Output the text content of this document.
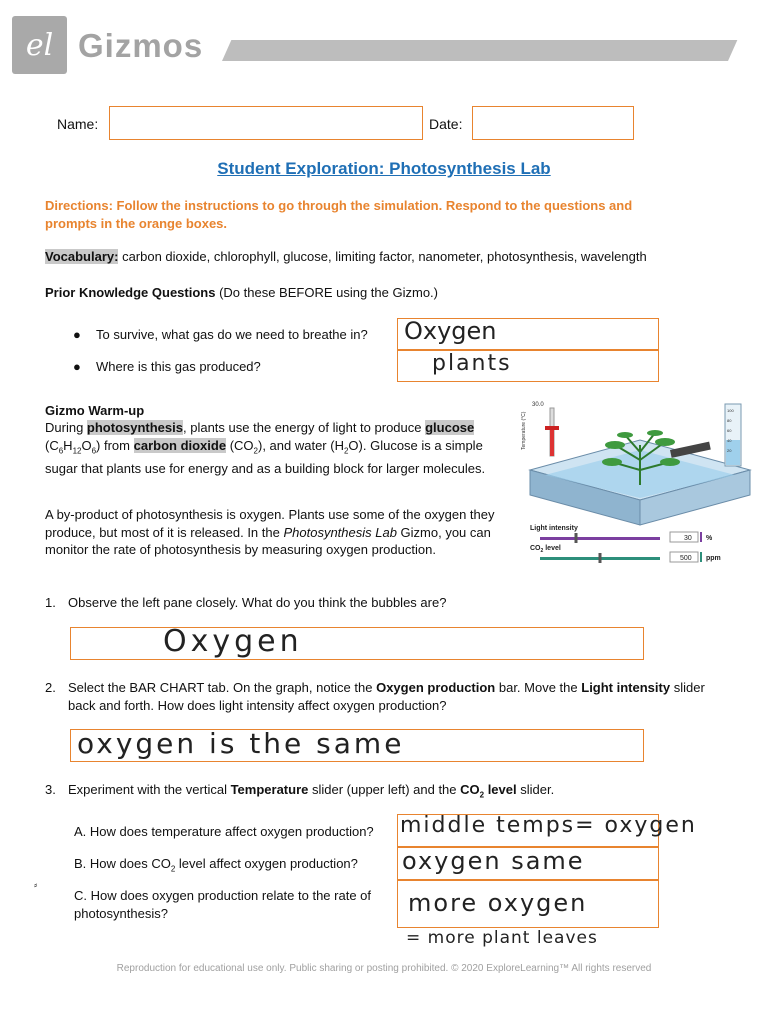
el Gizmos
Name:	Date:
Student Exploration: Photosynthesis Lab
Directions: Follow the instructions to go through the simulation. Respond to the questions and prompts in the orange boxes.
Vocabulary: carbon dioxide, chlorophyll, glucose, limiting factor, nanometer, photosynthesis, wavelength
Prior Knowledge Questions (Do these BEFORE using the Gizmo.)
● To survive, what gas do we need to breathe in?
● Where is this gas produced?
Oxygen
plants
Gizmo Warm-up
During photosynthesis, plants use the energy of light to produce glucose $(C_6H_{12}O_6)$ from carbon dioxide $(CO_2)$, and water $(H_2O)$. Glucose is a simple sugar that plants use for energy and as a building block for larger molecules.
A by-product of photosynthesis is oxygen. Plants use some of the oxygen they produce, but most of it is released. In the Photosynthesis Lab Gizmo, you can monitor the rate of photosynthesis by measuring oxygen production.
30.0
Temperature (°C)
100
80
60
40
20
Light intensity
30 %
$CO_2$ level
500 ppm
1. Observe the left pane closely. What do you think the bubbles are?
Oxygen
2. Select the BAR CHART tab. On the graph, notice the Oxygen production bar. Move the Light intensity slider back and forth. How does light intensity affect oxygen production?
oxygen is the same
3. Experiment with the vertical Temperature slider (upper left) and the $CO_2$ level slider.
A. How does temperature affect oxygen production?
B. How does $CO_2$ level affect oxygen production?
C. How does oxygen production relate to the rate of photosynthesis?
middle temps= oxygen
oxygen same
more oxygen
= more plant leaves
⸗
Reproduction for educational use only. Public sharing or posting prohibited. © 2020 ExploreLearning™ All rights reserved
